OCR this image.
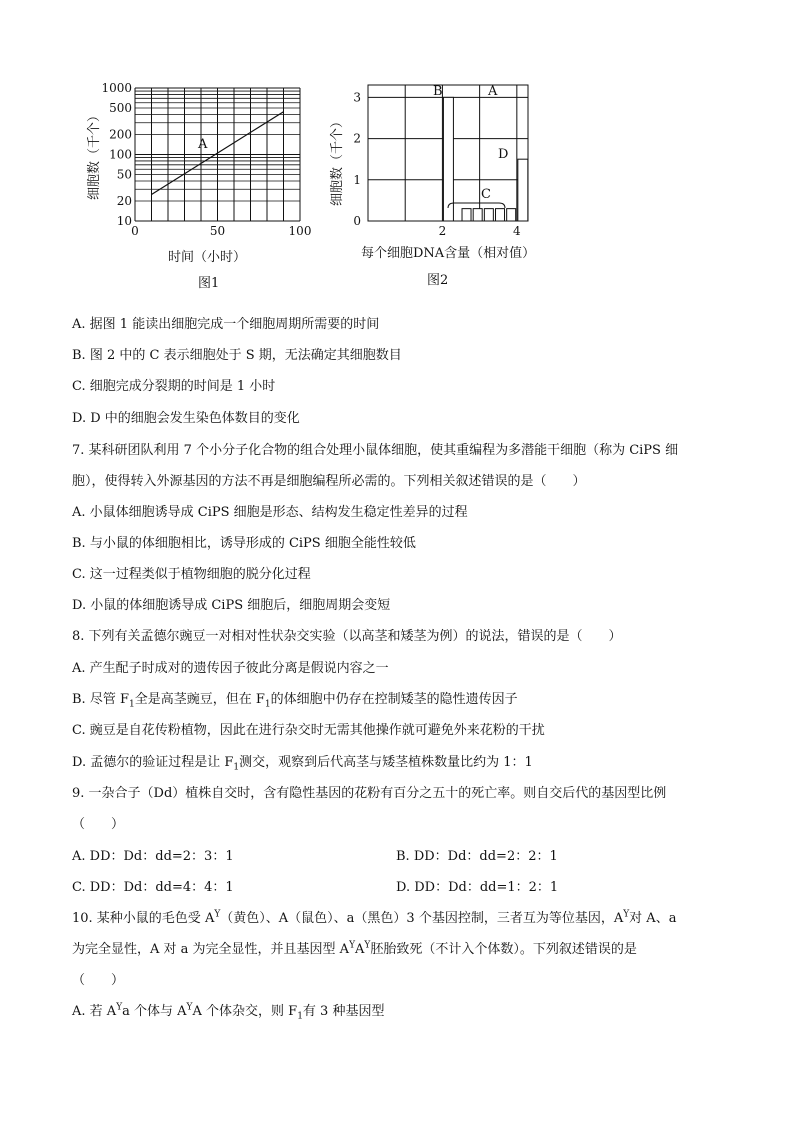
A
10
20
50
100
200
500
1000
0	50	100
细胞数（千个）
时间（小时）
图1
0
1
2
3
2	4
B	A
C
D
细胞数（千个）
每个细胞DNA含量（相对值）
图2
A. 据图 1 能读出细胞完成一个细胞周期所需要的时间
B. 图 2 中的 C 表示细胞处于 S 期，无法确定其细胞数目
C. 细胞完成分裂期的时间是 1 小时
D. D 中的细胞会发生染色体数目的变化
7. 某科研团队利用 7 个小分子化合物的组合处理小鼠体细胞，使其重编程为多潜能干细胞（称为 CiPS 细
胞），使得转入外源基因的方法不再是细胞编程所必需的。下列相关叙述错误的是（　　）
A. 小鼠体细胞诱导成 CiPS 细胞是形态、结构发生稳定性差异的过程
B. 与小鼠的体细胞相比，诱导形成的 CiPS 细胞全能性较低
C. 这一过程类似于植物细胞的脱分化过程
D. 小鼠的体细胞诱导成 CiPS 细胞后，细胞周期会变短
8. 下列有关孟德尔豌豆一对相对性状杂交实验（以高茎和矮茎为例）的说法，错误的是（　　）
A. 产生配子时成对的遗传因子彼此分离是假说内容之一
B. 尽管 $F_1$全是高茎豌豆，但在 $F_1$的体细胞中仍存在控制矮茎的隐性遗传因子
C. 豌豆是自花传粉植物，因此在进行杂交时无需其他操作就可避免外来花粉的干扰
D. 孟德尔的验证过程是让 $F_1$测交，观察到后代高茎与矮茎植株数量比约为 1：1
9. 一杂合子（Dd）植株自交时，含有隐性基因的花粉有百分之五十的死亡率。则自交后代的基因型比例
（　　）
A. DD：Dd：dd=2：3：1	B. DD：Dd：dd=2：2：1
C. DD：Dd：dd=4：4：1	D. DD：Dd：dd=1：2：1
10. 某种小鼠的毛色受 $A^Y$（黄色）、A（鼠色）、a（黑色）3 个基因控制，三者互为等位基因，$A^Y$对 A、a
为完全显性，A 对 a 为完全显性，并且基因型 $A^YA^Y$胚胎致死（不计入个体数）。下列叙述错误的是
（　　）
A. 若 $A^Ya$ 个体与 $A^YA$ 个体杂交，则 $F_1$有 3 种基因型
